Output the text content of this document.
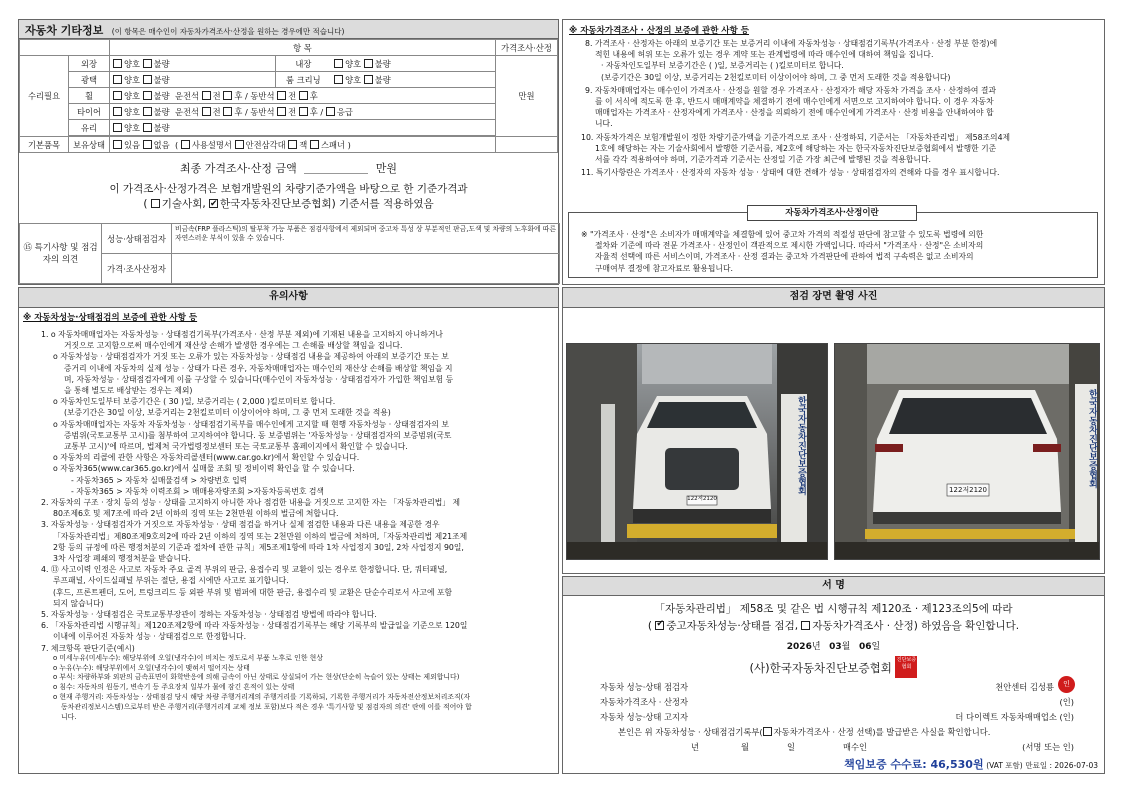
자동차 기타정보 (이 항목은 매수인이 자동차가격조사·산정을 원하는 경우에만 적습니다)
		항 목			가격조사·산정
수리필요	외장	양호 불량	내장	양호 불량	만원
	광택	양호 불량	룸 크리닝	양호 불량	
	휠	양호 불량 운전석 전 후 / 동반석 전 후			
	타이어	양호 불량 운전석 전 후 / 동반석 전 후 / 응급			
	유리	양호 불량			

기본품목	보유상태	있음 없음  ( 사용설명서 안전삼각대 잭 스패너 )			
최종 가격조사·산정 금액	만원
이 가격조사·산정가격은 보험개발원의 차량기준가액을 바탕으로 한 기준가격과
( 기술사회, ✔ 한국자동차진단보증협회) 기준서를 적용하였음
⑮ 특기사항 및 점검자의 의견	성능·상태점검자	비금속(FRP 플라스틱)의 탈부착 가능 부품은 점검사항에서 제외되며 중고차 특성 상 부분적인 판금,도색 및 차량의 노후화에 따른 자연스러운 부식이 있을 수 있습니다.
	가격·조사산정자	
※ 자동차가격조사 · 산정의 보증에 관한 사항 등

8. 가격조사 · 산정자는 아래의 보증기간 또는 보증거리 이내에 자동차성능 · 상태점검기록부(가격조사 · 산정 부분 한정)에

적힌 내용에 허위 또는 오류가 있는 경우 계약 또는 관계법령에 따라 매수인에 대하여 책임을 집니다.

· 자동차인도일부터 보증기간은 ( )일, 보증거리는 ( )킬로미터로 합니다.

(보증기간은 30일 이상, 보증거리는 2천킬로미터 이상이어야 하며, 그 중 먼저 도래한 것을 적용합니다)

9. 자동차매매업자는 매수인이 가격조사 · 산정을 원할 경우 가격조사 · 산정자가 해당 자동차 가격을 조사 · 산정하여 결과

를 이 서식에 적도록 한 후, 반드시 매매계약을 체결하기 전에 매수인에게 서면으로 고지하여야 합니다. 이 경우 자동차

매매업자는 가격조사 · 산정자에게 가격조사 · 산정을 의뢰하기 전에 매수인에게 가격조사 · 산정 비용을 안내하여야 합

니다.

10. 자동차가격은 보험개발원이 정한 차량기준가액을 기준가격으로 조사 · 산정하되, 기준서는 「자동차관리법」 제58조의4제

1호에 해당하는 자는 기술사회에서 발행한 기준서를, 제2호에 해당하는 자는 한국자동차진단보증협회에서 발행한 기준

서를 각각 적용하여야 하며, 기준가격과 기준서는 산정일 기준 가장 최근에 발행된 것을 적용합니다.

11. 특기사항란은 가격조사 · 산정자의 자동차 성능 · 상태에 대한 견해가 성능 · 상태점검자의 견해와 다를 경우 표시합니다.

자동차가격조사·산정이란

※ "가격조사 · 산정"은 소비자가 매매계약을 체결함에 있어 중고차 가격의 적절성 판단에 참고할 수 있도록 법령에 의한

절차와 기준에 따라 전문 가격조사 · 산정인이 객관적으로 제시한 가액입니다. 따라서 "가격조사 · 산정"은 소비자의

자율적 선택에 따른 서비스이며, 가격조사 · 산정 결과는 중고차 가격판단에 관하여 법적 구속력은 없고 소비자의

구매여부 결정에 참고자료로 활용됩니다.

유의사항
※ 자동차성능·상태점검의 보증에 관한 사항 등

1. ο 자동차매매업자는 자동차성능 · 상태점검기록부(가격조사 · 산정 부분 제외)에 기재된 내용을 고지하지 아니하거나

거짓으로 고지함으로써 매수인에게 재산상 손해가 발생한 경우에는 그 손해를 배상할 책임을 집니다.

ο 자동차성능 · 상태점검자가 거짓 또는 오류가 있는 자동차성능 · 상태점검 내용을 제공하여 아래의 보증기간 또는 보

증거리 이내에 자동차의 실제 성능 · 상태가 다른 경우, 자동차매매업자는 매수인의 재산상 손해를 배상할 책임을 지

며, 자동차성능 · 상태점검자에게 이를 구상할 수 있습니다(매수인이 자동차성능 · 상태점검자가 가입한 책임보험 등

을 통해 별도로 배상받는 경우는 제외)

ο 자동차인도일부터 보증기간은 ( 30 )일, 보증거리는 ( 2,000 )킬로미터로 합니다.

(보증기간은 30일 이상, 보증거리는 2천킬로미터 이상이어야 하며, 그 중 먼저 도래한 것을 적용)

ο 자동차매매업자는 자동차 자동차성능 · 상태점검기록부를 매수인에게 고지할 때 현행 자동차성능 · 상태점검자의 보

증범위(국토교통부 고시)를 첨부하여 고지하여야 합니다. 동 보증범위는 '자동차성능 · 상태점검자의 보증범위(국토

교통부 고시)'에 따르며, 법제처 국가법령정보센터 또는 국토교통부 홈페이지에서 확인할 수 있습니다.

ο 자동차의 리콜에 관한 사항은 자동차리콜센터(www.car.go.kr)에서 확인할 수 있습니다.

ο 자동차365(www.car365.go.kr)에서 실매물 조회 및 정비이력 확인을 할 수 있습니다.

- 자동차365 > 자동차 실매물검색 > 차량번호 입력

- 자동차365 > 자동차 이력조회 > 매매용자량조회 >자동차등록번호 검색

2. 자동차의 구조 · 장치 등의 성능 · 상태를 고지하지 아니한 자나 점검한 내용을 거짓으로 고지한 자는 「자동차관리법」 제

80조제6호 및 제7조에 따라 2년 이하의 징역 또는 2천만원 이하의 벌금에 처합니다.

3. 자동차성능 · 상태점검자가 거짓으로 자동차성능 · 상태 점검을 하거나 실제 점검한 내용과 다른 내용을 제공한 경우

「자동차관리법」제80조제9호의2에 따라 2년 이하의 징역 또는 2천만원 이하의 벌금에 처하며,「자동차관리법 제21조제

2항 등의 규정에 따른 행정처분의 기준과 절차에 관한 규칙」제5조제1항에 따라 1차 사업정지 30일, 2차 사업정지 90일,

3차 사업장 폐쇄의 행정처분을 받습니다.

4. ⑬ 사고이력 인정은 사고로 자동차 주요 골격 부위의 판금, 용접수리 및 교환이 있는 경우로 한정합니다. 단, 쿼터패널,

루프패널, 사이드실패널 부위는 절단, 용접 시에만 사고로 표기합니다.

(후드, 프론트펜더, 도어, 트렁크리드 등 외판 부위 및 범퍼에 대한 판금, 용접수리 및 교환은 단순수리로서 사고에 포함

되지 않습니다)

5. 자동차성능 · 상태점검은 국토교통부장관이 정하는 자동차성능 · 상태점검 방법에 따라야 합니다.

6. 「자동차관리법 시행규칙」제120조제2항에 따라 자동차성능 · 상태점검기록부는 해당 기록부의 발급일을 기준으로 120일

이내에 이루어진 자동차 성능 · 상태점검으로 한정합니다.

7. 체크항목 판단기준(예시)

ο 미세누유(미세누수): 해당부위에 오일(냉각수)이 비치는 정도로서 부품 노후로 인한 현상

ο 누유(누수): 해당부위에서 오일(냉각수)이 맺혀서 떨어지는 상태

ο 부식: 차량하부와 외판의 금속표면이 화학반응에 의해 금속이 아닌 상태로 상실되어 가는 현상(단순히 녹슬어 있는 상태는 제외합니다)

ο 침수: 자동차의 원동기, 변속기 등 주요장치 일부가 물에 잠긴 흔적이 있는 상태

ο 현재 주행거리: 자동차성능 · 상태점검 당시 해당 차량 주행거리계의 주행거리를 기록하되, 기록한 주행거리가 자동차전산정보처리조직(자

동차관리정보시스템)으로부터 받은 주행거리(주행거리계 교체 정보 포함)보다 적은 경우 '특기사항 및 점검자의 의견' 란에 이를 적어야 합

니다.

점검 장면 촬영 사진
122저2120
한국자동차진단보증협회	122저2120
한국자동차진단보증협회
서 명
「자동차관리법」 제58조 및 같은 법 시행규칙 제120조 · 제123조의5에 따라
( ✔ 중고자동차성능·상태를 점검, 자동차가격조사 · 산정) 하였음을 확인합니다.
2026년 03월 06일
(사)한국자동차진단보증협회 진단보증협회
자동차 성능·상태 점검자	천안센터 김성룡	인
자동차가격조사 · 산정자	(인)
자동차 성능·상태 고지자	더 다이렉트 자동차매매업소 (인)
본인은 위 자동차성능 · 상태점검기록부( 자동차가격조사 · 산정 선택)를 발급받은 사실을 확인합니다.
년	월	일	매수인	(서명 또는 인)
책임보증 수수료: 46,530원 (VAT 포함) 만료일 : 2026-07-03
